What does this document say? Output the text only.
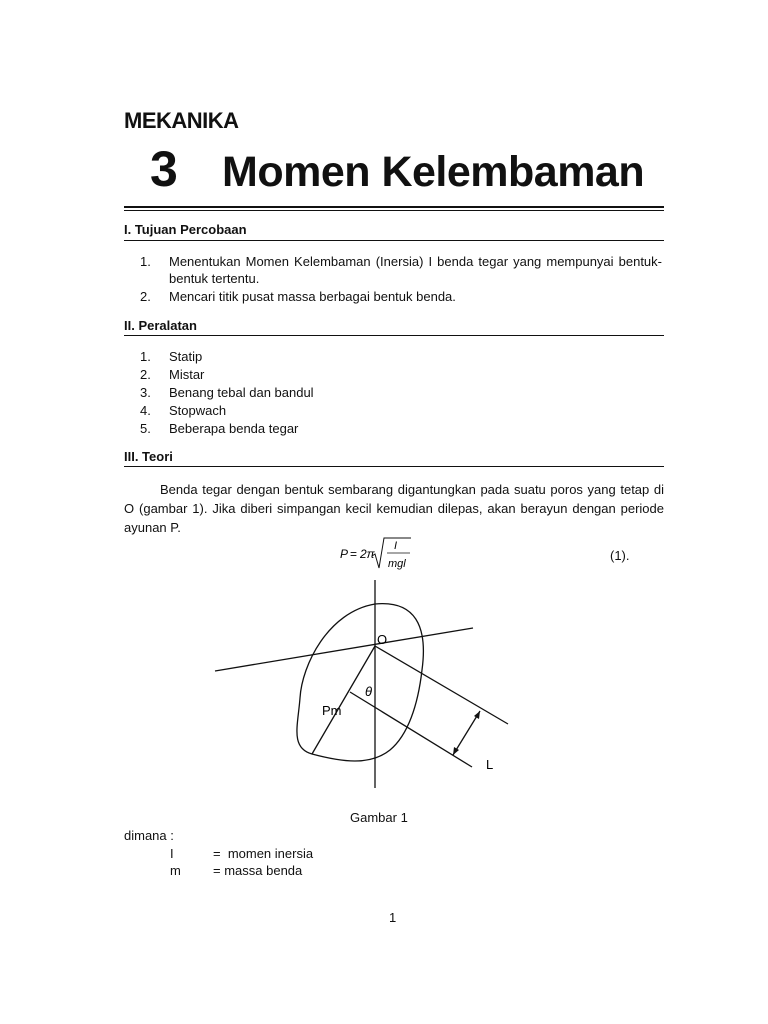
MEKANIKA
3 Momen Kelembaman
I. Tujuan Percobaan
1.	Menentukan Momen Kelembaman (Inersia) I benda tegar yang mempunyai bentuk-bentuk tertentu.
2.	Mencari titik pusat massa berbagai bentuk benda.
II. Peralatan
1.	Statip
2.	Mistar
3.	Benang tebal dan bandul
4.	Stopwach
5.	Beberapa benda tegar
III. Teori

Benda tegar dengan bentuk sembarang digantungkan pada suatu poros yang tetap di O (gambar 1). Jika diberi simpangan kecil kemudian dilepas, akan berayun dengan periode ayunan P.

P = 2π
I
mgl
(1).
O
θ
Pm
L
Gambar 1
dimana :
I	=  momen inersia
m = massa benda
1
